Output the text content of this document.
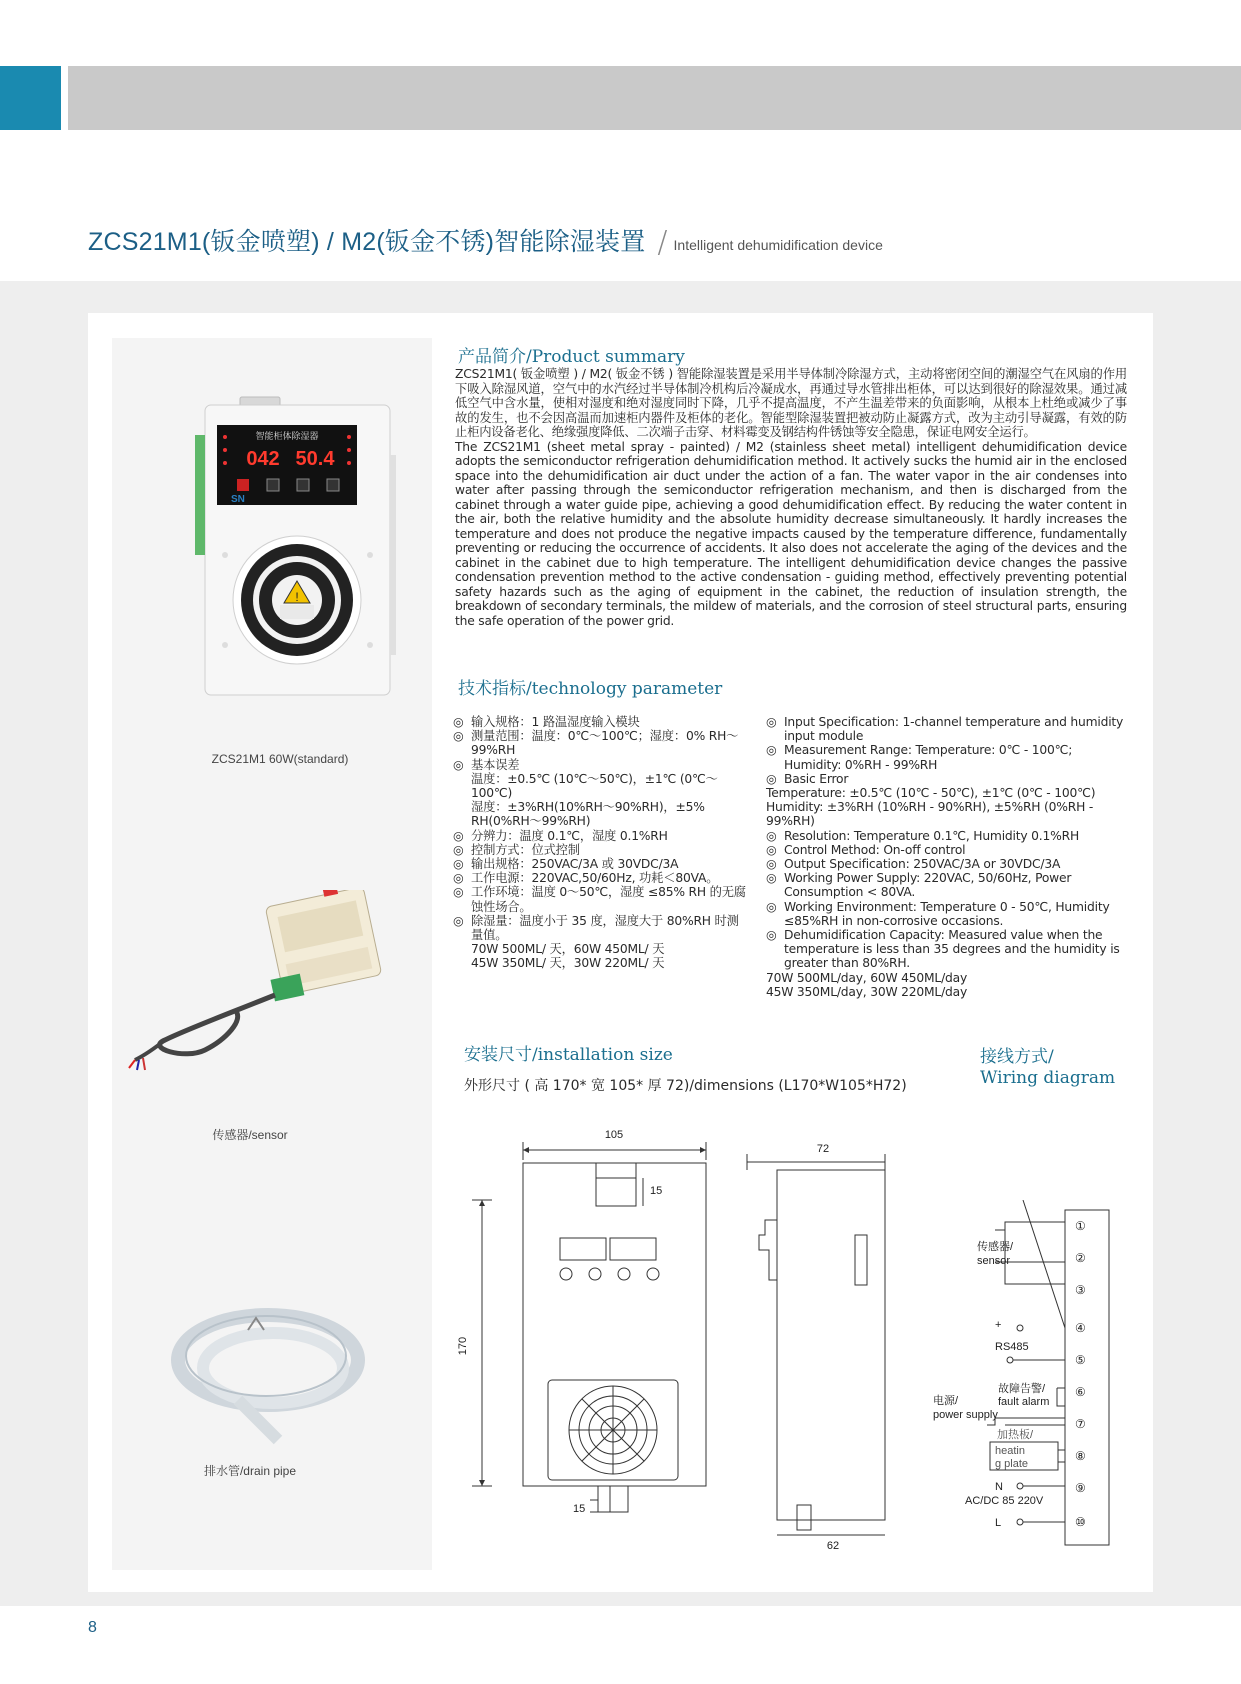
ZCS21M1(钣金喷塑) / M2(钣金不锈)智能除湿装置 / Intelligent dehumidification device
智能柜体除湿器
042 50.4
SN
!
ZCS21M1 60W(standard)
传感器/sensor
排水管/drain pipe
产品简介/Product summary

ZCS21M1( 钣金喷塑 ) / M2( 钣金不锈 ) 智能除湿装置是采用半导体制冷除湿方式，主动将密闭空间的潮湿空气在风扇的作用下吸入除湿风道，空气中的水汽经过半导体制冷机构后冷凝成水，再通过导水管排出柜体，可以达到很好的除湿效果。通过减低空气中含水量，使相对湿度和绝对湿度同时下降，几乎不提高温度，不产生温差带来的负面影响，从根本上杜绝或减少了事故的发生，也不会因高温而加速柜内器件及柜体的老化。智能型除湿装置把被动防止凝露方式，改为主动引导凝露，有效的防止柜内设备老化、绝缘强度降低、二次端子击穿、材料霉变及钢结构件锈蚀等安全隐患，保证电网安全运行。

The ZCS21M1 (sheet metal spray - painted) / M2 (stainless sheet metal) intelligent dehumidification device adopts the semiconductor refrigeration dehumidification method. It actively sucks the humid air in the enclosed space into the dehumidification air duct under the action of a fan. The water vapor in the air condenses into water after passing through the semiconductor refrigeration mechanism, and then is discharged from the cabinet through a water guide pipe, achieving a good dehumidification effect. By reducing the water content in the air, both the relative humidity and the absolute humidity decrease simultaneously. It hardly increases the temperature and does not produce the negative impacts caused by the temperature difference, fundamentally preventing or reducing the occurrence of accidents. It also does not accelerate the aging of the devices and the cabinet in the cabinet due to high temperature. The intelligent dehumidification device changes the passive condensation prevention method to the active condensation - guiding method, effectively preventing potential safety hazards such as the aging of equipment in the cabinet, the reduction of insulation strength, the breakdown of secondary terminals, the mildew of materials, and the corrosion of steel structural parts, ensuring the safe operation of the power grid.

技术指标/technology parameter
◎ 输入规格：1 路温湿度输入模块
◎ 测量范围：温度：0℃～100℃；湿度：0% RH～99%RH
◎ 基本误差
温度：±0.5℃ (10℃～50℃)，±1℃ (0℃～100℃)
湿度：±3%RH(10%RH～90%RH)，±5% RH(0%RH～99%RH)
◎ 分辨力：温度 0.1℃，湿度 0.1%RH
◎ 控制方式：位式控制
◎ 输出规格：250VAC/3A 或 30VDC/3A
◎ 工作电源：220VAC,50/60Hz, 功耗＜80VA。
◎ 工作环境：温度 0～50℃，湿度 ≤85% RH 的无腐蚀性场合。
◎ 除湿量：温度小于 35 度，湿度大于 80%RH 时测量值。
70W 500ML/ 天，60W 450ML/ 天
45W 350ML/ 天，30W 220ML/ 天
◎ Input Specification: 1-channel temperature and humidity input module
◎ Measurement Range: Temperature: 0℃ - 100℃; Humidity: 0%RH - 99%RH
◎ Basic Error
Temperature: ±0.5℃ (10℃ - 50℃), ±1℃ (0℃ - 100℃)
Humidity: ±3%RH (10%RH - 90%RH), ±5%RH (0%RH - 99%RH)
◎ Resolution: Temperature 0.1℃, Humidity 0.1%RH
◎ Control Method: On-off control
◎ Output Specification: 250VAC/3A or 30VDC/3A
◎ Working Power Supply: 220VAC, 50/60Hz, Power Consumption < 80VA.
◎ Working Environment: Temperature 0 - 50℃, Humidity ≤85%RH in non-corrosive occasions.
◎ Dehumidification Capacity: Measured value when the temperature is less than 35 degrees and the humidity is greater than 80%RH.
70W 500ML/day, 60W 450ML/day
45W 350ML/day, 30W 220ML/day
安装尺寸/installation size
外形尺寸 ( 高 170* 宽 105* 厚 72)/dimensions (L170*W105*H72)
105
170
15
15
72
62
接线方式/
Wiring diagram
①
②
③
④
⑤
⑥
⑦
⑧
⑨
⑩
传感器/
sensor
+
RS485
故障告警/
fault alarm
电源/
power supply
加热板/
heatin
g plate
N
AC/DC 85 220V
L
8
